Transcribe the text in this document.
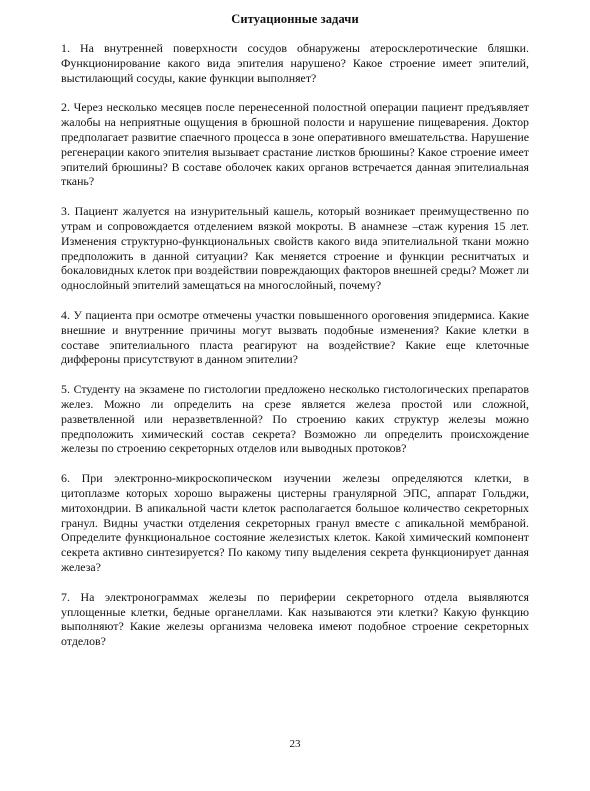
Ситуационные задачи

1. На внутренней поверхности сосудов обнаружены атеросклеротические бляшки. Функционирование какого вида эпителия нарушено? Какое строение имеет эпителий, выстилающий сосуды, какие функции выполняет?

2. Через несколько месяцев после перенесенной полостной операции пациент предъявляет жалобы на неприятные ощущения в брюшной полости и нарушение пищеварения. Доктор предполагает развитие спаечного процесса в зоне оперативного вмешательства. Нарушение регенерации какого эпителия вызывает срастание листков брюшины? Какое строение имеет эпителий брюшины? В составе оболочек каких органов встречается данная эпителиальная ткань?

3. Пациент жалуется на изнурительный кашель, который возникает преимущественно по утрам и сопровождается отделением вязкой мокроты. В анамнезе –стаж курения 15 лет. Изменения структурно-функциональных свойств какого вида эпителиальной ткани можно предположить в данной ситуации? Как меняется строение и функции реснитчатых и бокаловидных клеток при воздействии повреждающих факторов внешней среды? Может ли однослойный эпителий замещаться на многослойный, почему?

4. У пациента при осмотре отмечены участки повышенного ороговения эпидермиса. Какие внешние и внутренние причины могут вызвать подобные изменения? Какие клетки в составе эпителиального пласта реагируют на воздействие? Какие еще клеточные диффероны присутствуют в данном эпителии?

5. Студенту на экзамене по гистологии предложено несколько гистологических препаратов желез. Можно ли определить на срезе является железа простой или сложной, разветвленной или неразветвленной? По строению каких структур железы можно предположить химический состав секрета? Возможно ли определить происхождение железы по строению секреторных отделов или выводных протоков?

6. При электронно-микроскопическом изучении железы определяются клетки, в цитоплазме которых хорошо выражены цистерны гранулярной ЭПС, аппарат Гольджи, митохондрии. В апикальной части клеток располагается большое количество секреторных гранул. Видны участки отделения секреторных гранул вместе с апикальной мембраной. Определите функциональное состояние железистых клеток. Какой химический компонент секрета активно синтезируется? По какому типу выделения секрета функционирует данная железа?

7. На электронограммах железы по периферии секреторного отдела выявляются уплощенные клетки, бедные органеллами. Как называются эти клетки? Какую функцию выполняют? Какие железы организма человека имеют подобное строение секреторных отделов?

23
